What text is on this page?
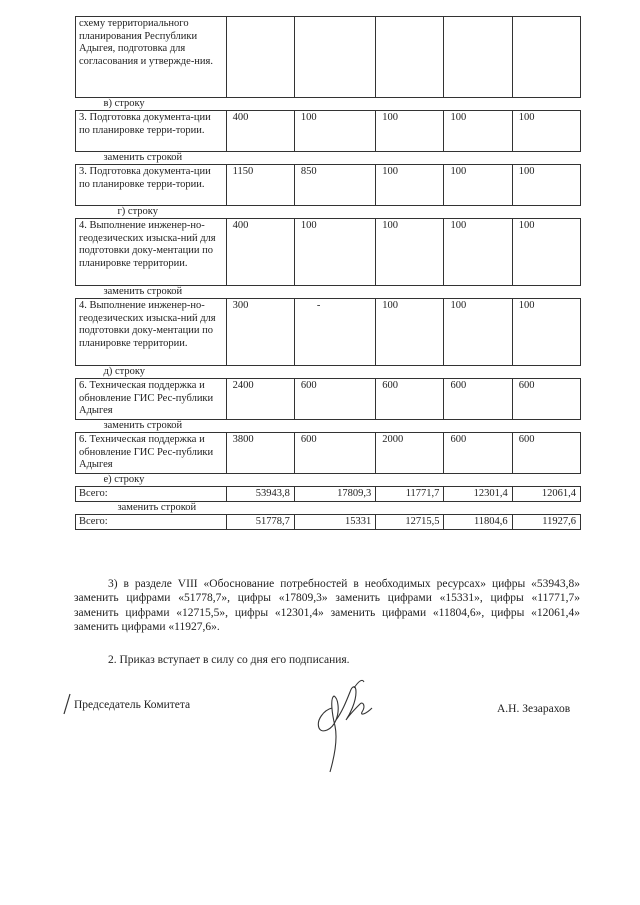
схему территориального планирования Республики Адыгея, подготовка для согласования и утвержде-ния.					
в) строку					
3. Подготовка документа-ции по планировке терри-тории.	400	100	100	100	100
заменить строкой					
3. Подготовка документа-ции по планировке терри-тории.	1150	850	100	100	100
г) строку					
4. Выполнение инженер-но-геодезических изыска-ний для подготовки доку-ментации по планировке территории.	400	100	100	100	100
заменить строкой					
4. Выполнение инженер-но-геодезических изыска-ний для подготовки доку-ментации по планировке территории.	300	-	100	100	100
д) строку					
6. Техническая поддержка и обновление ГИС Рес-публики Адыгея	2400	600	600	600	600
заменить строкой					
6. Техническая поддержка и обновление ГИС Рес-публики Адыгея	3800	600	2000	600	600
е) строку					
Всего:	53943,8	17809,3	11771,7	12301,4	12061,4
заменить строкой					
Всего:	51778,7	15331	12715,5	11804,6	11927,6

3) в разделе VIII «Обоснование потребностей в необходимых ресурсах» цифры «53943,8» заменить цифрами «51778,7», цифры «17809,3» заменить цифрами «15331», цифры «11771,7» заменить цифрами «12715,5», цифры «12301,4» заменить цифрами «11804,6», цифры «12061,4» заменить цифрами «11927,6».

2. Приказ вступает в силу со дня его подписания.

Председатель Комитета	А.Н. Зезарахов
